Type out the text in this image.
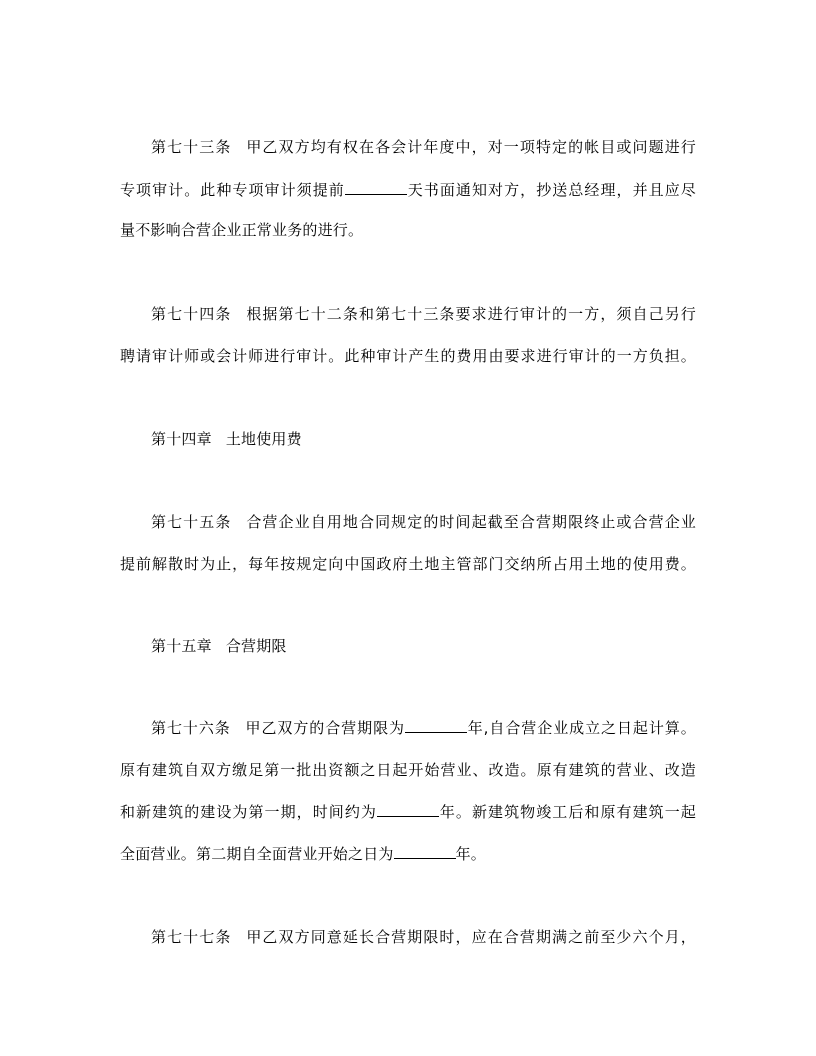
第七十三条 甲乙双方均有权在各会计年度中，对一项特定的帐目或问题进行
专项审计。此种专项审计须提前	天书面通知对方，抄送总经理，并且应尽
量不影响合营企业正常业务的进行。
第七十四条 根据第七十二条和第七十三条要求进行审计的一方，须自己另行
聘请审计师或会计师进行审计。此种审计产生的费用由要求进行审计的一方负担。
第十四章 土地使用费
第七十五条 合营企业自用地合同规定的时间起截至合营期限终止或合营企业
提前解散时为止，每年按规定向中国政府土地主管部门交纳所占用土地的使用费。
第十五章 合营期限
第七十六条 甲乙双方的合营期限为	年,自合营企业成立之日起计算。
原有建筑自双方缴足第一批出资额之日起开始营业、改造。原有建筑的营业、改造
和新建筑的建设为第一期，时间约为	年。新建筑物竣工后和原有建筑一起
全面营业。第二期自全面营业开始之日为	年。
第七十七条 甲乙双方同意延长合营期限时，应在合营期满之前至少六个月，
